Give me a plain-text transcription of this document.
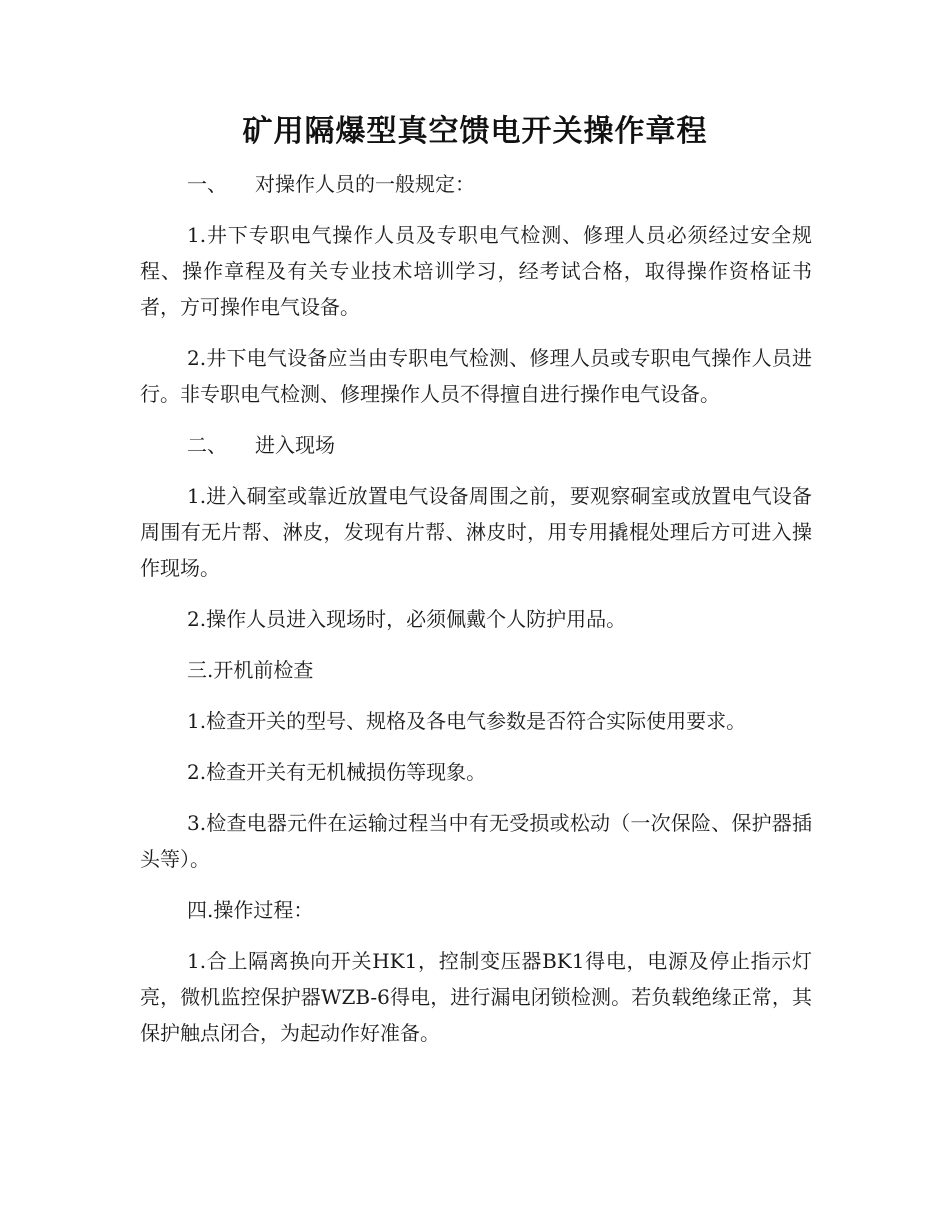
矿用隔爆型真空馈电开关操作章程
一、 对操作人员的一般规定：

1.井下专职电气操作人员及专职电气检测、修理人员必须经过安全规程、操作章程及有关专业技术培训学习，经考试合格，取得操作资格证书者，方可操作电气设备。

2.井下电气设备应当由专职电气检测、修理人员或专职电气操作人员进行。非专职电气检测、修理操作人员不得擅自进行操作电气设备。

二、 进入现场

1.进入硐室或靠近放置电气设备周围之前，要观察硐室或放置电气设备周围有无片帮、淋皮，发现有片帮、淋皮时，用专用撬棍处理后方可进入操作现场。

2.操作人员进入现场时，必须佩戴个人防护用品。

三.开机前检查

1.检查开关的型号、规格及各电气参数是否符合实际使用要求。

2.检查开关有无机械损伤等现象。

3.检查电器元件在运输过程当中有无受损或松动（一次保险、保护器插头等）。

四.操作过程：

1.合上隔离换向开关HK1，控制变压器BK1得电，电源及停止指示灯亮，微机监控保护器WZB-6得电，进行漏电闭锁检测。若负载绝缘正常，其保护触点闭合，为起动作好准备。
